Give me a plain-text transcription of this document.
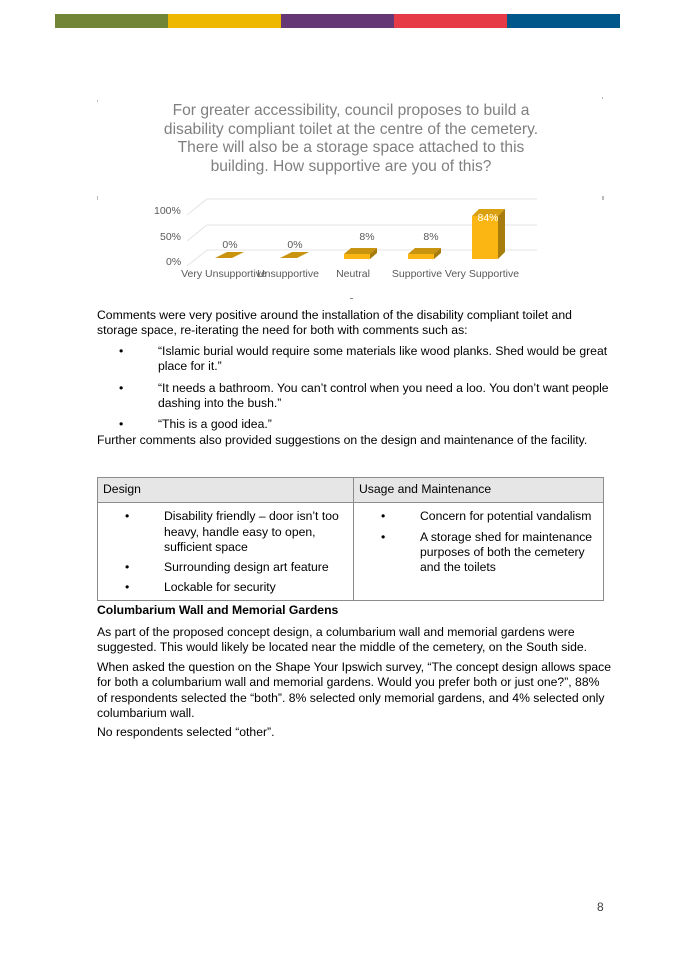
For greater accessibility, council proposes to build a
disability compliant toilet at the centre of the cemetery.
There will also be a storage space attached to this
building. How supportive are you of this?
100%
50%
0%
0%	0%
8%	8%
84%
Very Unsupportive
Unsupportive	Neutral	Supportive Very Supportive
Comments were very positive around the installation of the disability compliant toilet and storage space, re-iterating the need for both with comments such as:
•	“Islamic burial would require some materials like wood planks. Shed would be great place for it.”
•	“It needs a bathroom. You can’t control when you need a loo. You don’t want people dashing into the bush.”
•	“This is a good idea.”
Further comments also provided suggestions on the design and maintenance of the facility.
Design	Usage and Maintenance

•	Disability friendly – door isn’t too heavy, handle easy to open, sufficient space
•	Surrounding design art feature
•	Lockable for security

•	Concern for potential vandalism
•	A storage shed for maintenance purposes of both the cemetery and the toilets
Columbarium Wall and Memorial Gardens
As part of the proposed concept design, a columbarium wall and memorial gardens were suggested. This would likely be located near the middle of the cemetery, on the South side.
When asked the question on the Shape Your Ipswich survey, “The concept design allows space for both a columbarium wall and memorial gardens. Would you prefer both or just one?”, 88% of respondents selected the “both”. 8% selected only memorial gardens, and 4% selected only columbarium wall.
No respondents selected “other”.
8
